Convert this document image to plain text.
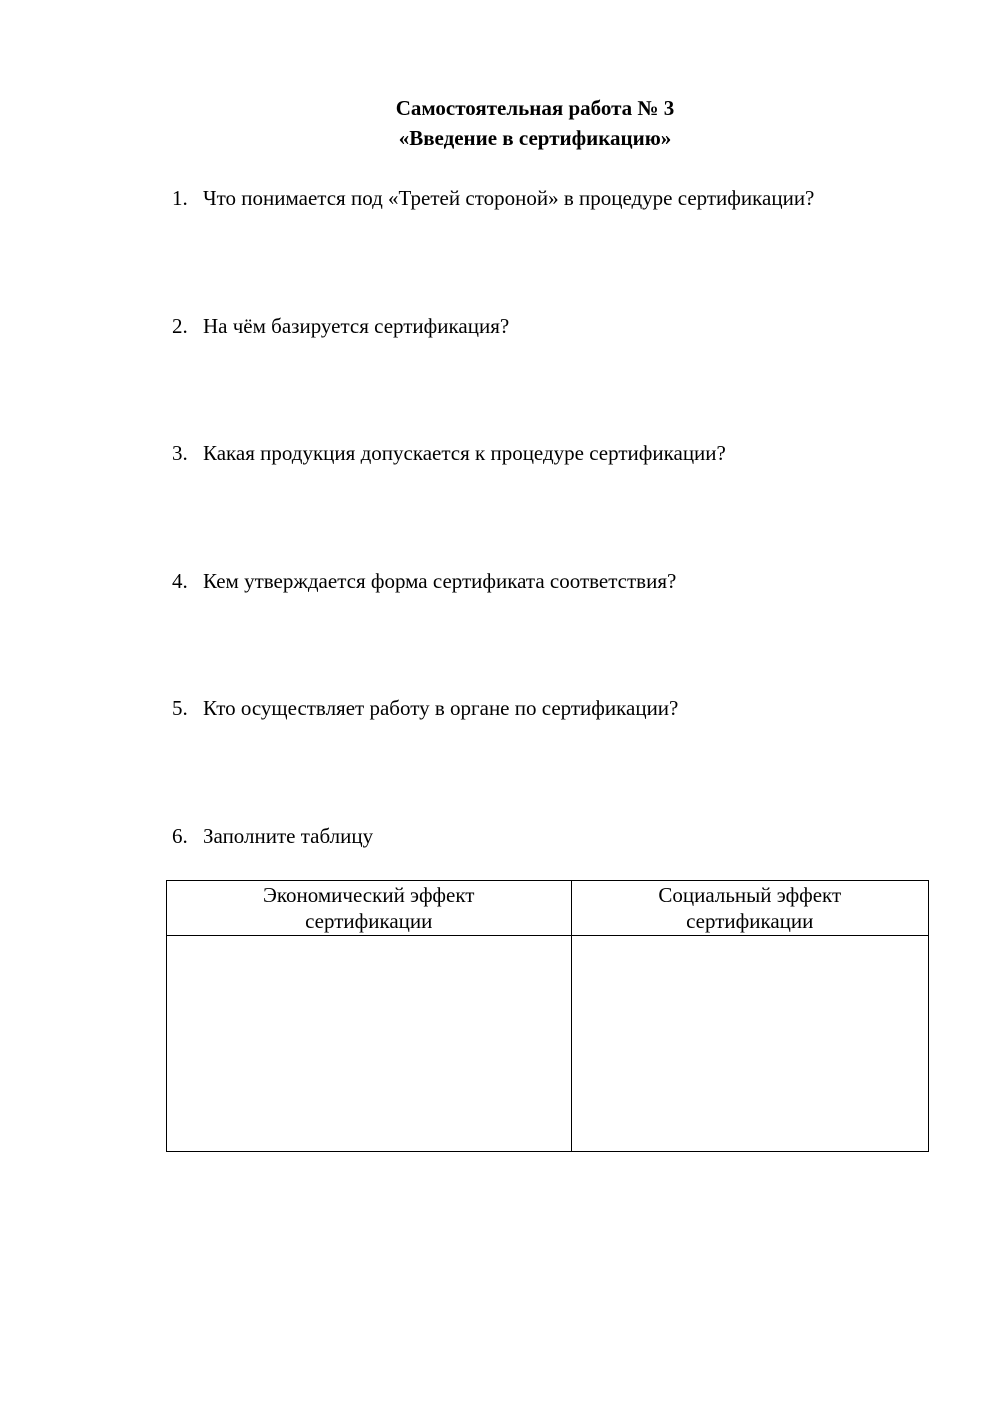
Самостоятельная работа № 3
«Введение в сертификацию»
1. Что понимается под «Третей стороной» в процедуре сертификации?
2. На чём базируется сертификация?
3. Какая продукция допускается к процедуре сертификации?
4. Кем утверждается форма сертификата соответствия?
5. Кто осуществляет работу в органе по сертификации?
6. Заполните таблицу
Экономический эффект сертификации	Социальный эффект сертификации
